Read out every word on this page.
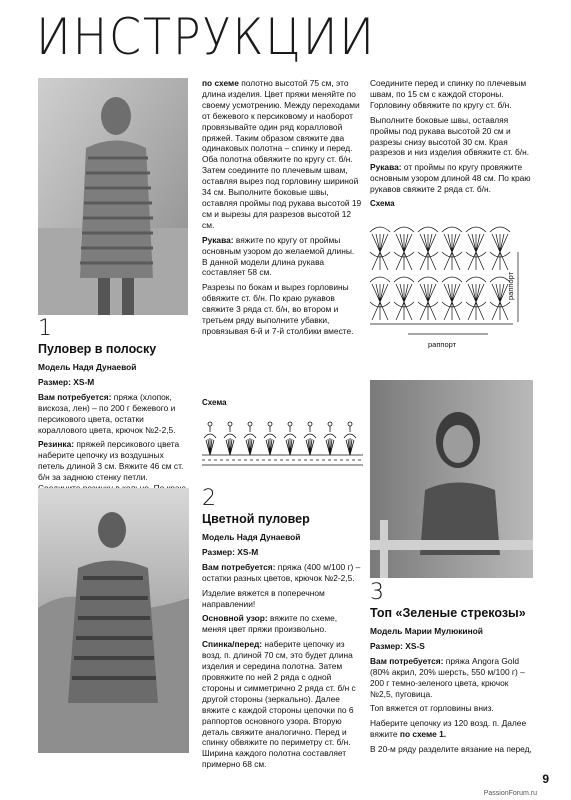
ИНСТРУКЦИИ
1
Пуловер в полоску

Модель Надя Дунаевой

Размер: XS-M

Вам потребуется: пряжа (хлопок, вискоза, лен) – по 200 г бежевого и персикового цвета, остатки кораллового цвета, крючок №2-2,5.

Резинка: пряжей персикового цвета наберите цепочку из воздушных петель длиной 3 см. Вяжите 46 см ст. б/н за заднюю стенку петли.

по схеме полотно высотой 75 см, это длина изделия. Цвет пряжи меняйте по своему усмотрению. Между переходами от бежевого к персиковому и наоборот провязывайте один ряд коралловой пряжей. Таким образом свяжите два одинаковых полотна – спинку и перед. Оба полотна обвяжите по кругу ст. б/н. Затем соедините по плечевым швам, оставляя вырез под горловину шириной 34 см. Выполните боковые швы, оставляя проймы под рукава высотой 19 см и вырезы для разрезов высотой 12 см.

Рукава: вяжите по кругу от проймы основным узором до желаемой длины. В данной модели длина рукава составляет 58 см.

Разрезы по бокам и вырез горловины обвяжите ст. б/н. По краю рукавов свяжите 3 ряда ст. б/н, во втором и третьем ряду выполните убавки, провязывая 6-й и 7-й столбики вместе.

Схема

Соедините перед и спинку по плечевым швам, по 15 см с каждой стороны. Горловину обвяжите по кругу ст. б/н.

Выполните боковые швы, оставляя проймы под рукава высотой 20 см и разрезы снизу высотой 30 см. Края разрезов и низ изделия обвяжите ст. б/н.

Рукава: от проймы по кругу провяжите основным узором длиной 48 см. По краю рукавов свяжите 2 ряда ст. б/н.

Схема
раппорт
раппорт
2
Цветной пуловер

Модель Надя Дунаевой

Размер: XS-M

Вам потребуется: пряжа (400 м/100 г) – остатки разных цветов, крючок №2-2,5.

Изделие вяжется в поперечном направлении!

Основной узор: вяжите по схеме, меняя цвет пряжи произвольно.

Спинка/перед: наберите цепочку из возд. п. длиной 70 см, это будет длина изделия и середина полотна. Затем провяжите по ней 2 ряда с одной стороны и симметрично 2 ряда ст. б/н с другой стороны (зеркально). Далее вяжите с каждой стороны цепочки по 6 раппортов основного узора. Вторую деталь свяжите аналогично. Перед и спинку обвяжите по периметру ст. б/н. Ширина каждого полотна составляет примерно 68 см.

3
Топ «Зеленые стрекозы»

Модель Марии Мулюкиной

Размер: XS-S

Вам потребуется: пряжа Angora Gold (80% акрил, 20% шерсть, 550 м/100 г) – 200 г темно-зеленого цвета, крючок №2,5, пуговица.

Топ вяжется от горловины вниз.

Наберите цепочку из 120 возд. п. Далее вяжите по схеме 1.

В 20-м ряду разделите вязание на перед,

PassionForum.ru
9
